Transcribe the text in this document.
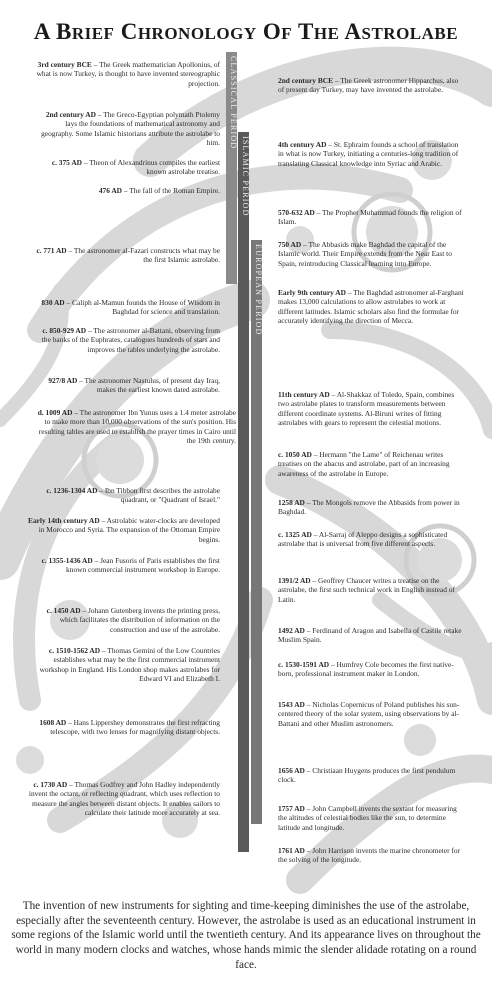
A BRIEF CHRONOLOGY OF THE ASTROLABE
CLASSICAL PERIOD
ISLAMIC PERIOD
EUROPEAN PERIOD
3rd century BCE – The Greek mathematician Apollonius, of what is now Turkey, is thought to have invented stereographic projection.
2nd century AD – The Greco-Egyptian polymath Ptolemy lays the foundations of mathematical astronomy and geography. Some Islamic historians attribute the astrolabe to him.
c. 375 AD – Theon of Alexandrinus compiles the earliest known astrolabe treatise.
476 AD – The fall of the Roman Empire.
c. 771 AD – The astronomer al-Fazari constructs what may be the first Islamic astrolabe.
830 AD – Caliph al-Mamun founds the House of Wisdom in Baghdad for science and translation.
c. 850-929 AD – The astronomer al-Battani, observing from the banks of the Euphrates, catalogues hundreds of stars and improves the tables underlying the astrolabe.
927/8 AD – The astronomer Nastulus, of present day Iraq, makes the earliest known dated astrolabe.
d. 1009 AD – The astronomer Ibn Yunus uses a 1.4 meter astrolabe to make more than 10,000 observations of the sun's position. His resulting tables are used to establish the prayer times in Cairo until the 19th century.
c. 1236-1304 AD – Ibn Tibbon first describes the astrolabe quadrant, or "Quadrant of Israel."
Early 14th century AD – Astrolabic water-clocks are developed in Morocco and Syria. The expansion of the Ottoman Empire begins.
c. 1355-1436 AD – Jean Fusoris of Paris establishes the first known commercial instrument workshop in Europe.
c. 1450 AD – Johann Gutenberg invents the printing press, which facilitates the distribution of information on the construction and use of the astrolabe.
c. 1510-1562 AD – Thomas Gemini of the Low Countries establishes what may be the first commercial instrument workshop in England. His London shop makes astrolabes for Edward VI and Elizabeth I.
1608 AD – Hans Lippershey demonstrates the first refracting telescope, with two lenses for magnifying distant objects.
c. 1730 AD – Thomas Godfrey and John Hadley independently invent the octant, or reflecting quadrant, which uses reflection to measure the angles between distant objects. It enables sailors to calculate their latitude more accurately at sea.
2nd century BCE – The Greek astronomer Hipparchus, also of present day Turkey, may have invented the astrolabe.
4th century AD – St. Ephraim founds a school of translation in what is now Turkey, initiating a centuries-long tradition of translating Classical knowledge into Syriac and Arabic.
570-632 AD – The Prophet Muhammad founds the religion of Islam.
750 AD – The Abbasids make Baghdad the capital of the Islamic world. Their Empire extends from the Near East to Spain, reintroducing Classical learning into Europe.
Early 9th century AD – The Baghdad astronomer al-Farghani makes 13,000 calculations to allow astrolabes to work at different latitudes. Islamic scholars also find the formulae for accurately identifying the direction of Mecca.
11th century AD – Al-Shakkaz of Toledo, Spain, combines two astrolabe plates to transform measurements between different coordinate systems. Al-Biruni writes of fitting astrolabes with gears to represent the celestial motions.
c. 1050 AD – Hermann "the Lame" of Reichenau writes treatises on the abacus and astrolabe, part of an increasing awareness of the astrolabe in Europe.
1258 AD – The Mongols remove the Abbasids from power in Baghdad.
c. 1325 AD – Al-Sarraj of Aleppo designs a sophisticated astrolabe that is universal from five different aspects.
1391/2 AD – Geoffrey Chaucer writes a treatise on the astrolabe, the first such technical work in English instead of Latin.
1492 AD – Ferdinand of Aragon and Isabella of Castile retake Muslim Spain.
c. 1530-1591 AD – Humfrey Cole becomes the first native-born, professional instrument maker in London.
1543 AD – Nicholas Copernicus of Poland publishes his sun-centered theory of the solar system, using observations by al-Battani and other Muslim astronomers.
1656 AD – Christiaan Huygens produces the first pendulum clock.
1757 AD – John Campbell invents the sextant for measuring the altitudes of celestial bodies like the sun, to determine latitude and longitude.
1761 AD – John Harrison invents the marine chronometer for the solving of the longitude.

The invention of new instruments for sighting and time-keeping diminishes the use of the astrolabe, especially after the seventeenth century. However, the astrolabe is used as an educational instrument in some regions of the Islamic world until the twentieth century. And its appearance lives on throughout the world in many modern clocks and watches, whose hands mimic the slender alidade rotating on a round face.
